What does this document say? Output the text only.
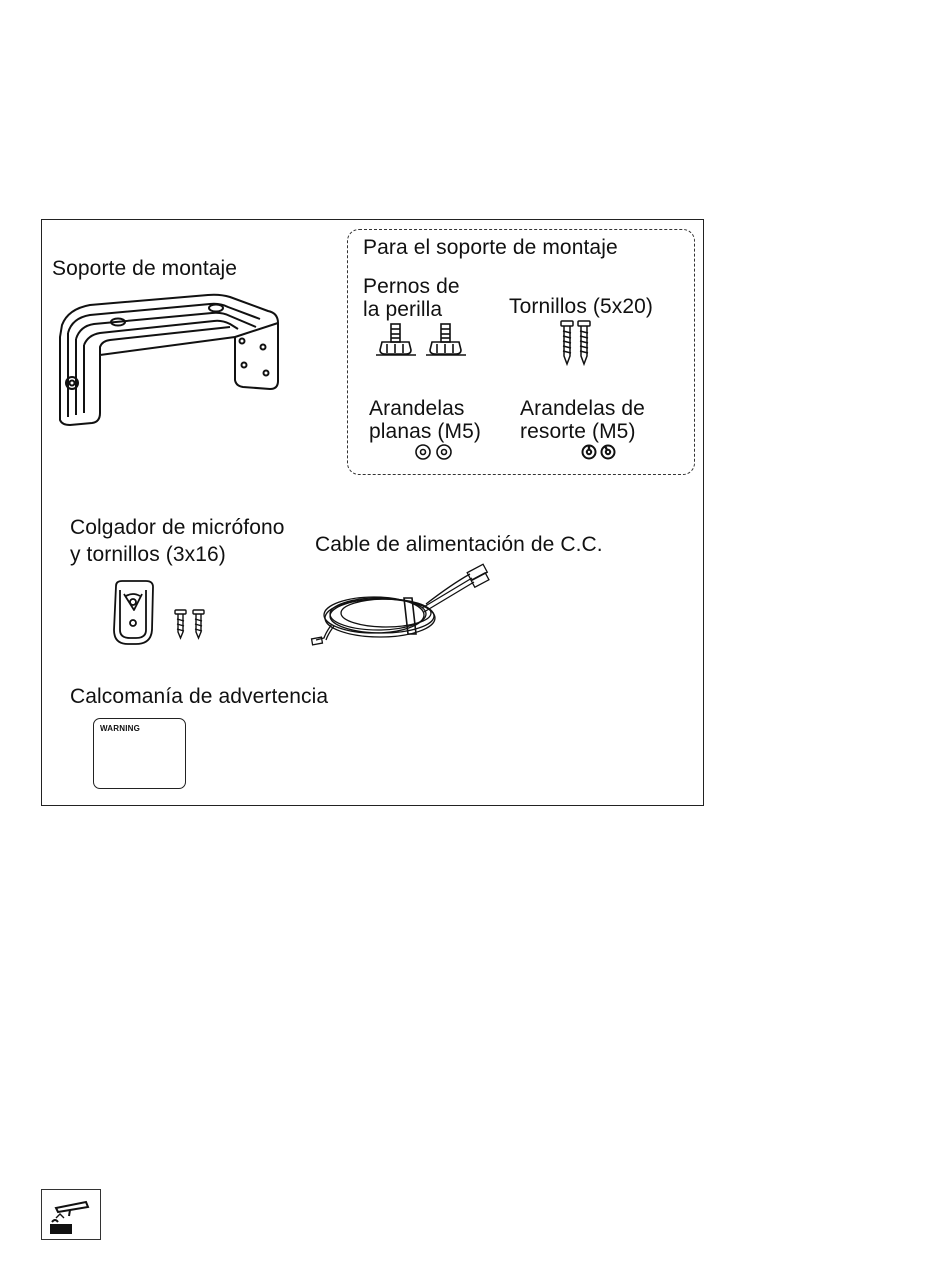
Soporte de montaje
Para el soporte de montaje
Pernos de
la perilla	Tornillos (5x20)
Arandelas
planas (M5)
Arandelas de
resorte (M5)
Colgador de micrófono
y tornillos (3x16)	Cable de alimentación de C.C.
Calcomanía de advertencia
WARNING
